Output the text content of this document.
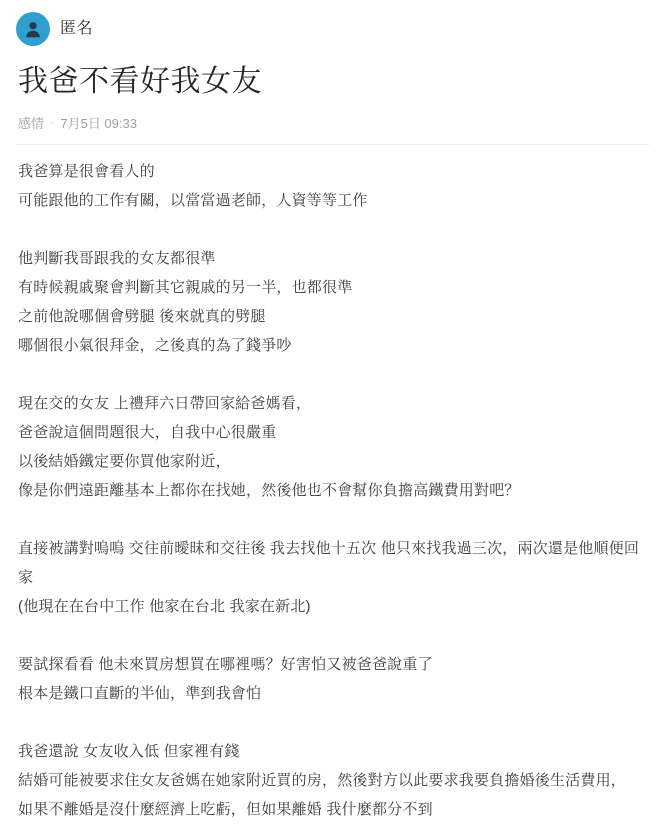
匿名
我爸不看好我女友
感情 · 7月5日 09:33

我爸算是很會看人的

可能跟他的工作有關，以當當過老師，人資等等工作

他判斷我哥跟我的女友都很準

有時候親戚聚會判斷其它親戚的另一半，也都很準

之前他說哪個會劈腿 後來就真的劈腿

哪個很小氣很拜金，之後真的為了錢爭吵

現在交的女友 上禮拜六日帶回家給爸媽看，

爸爸說這個問題很大，自我中心很嚴重

以後結婚鐵定要你買他家附近，

像是你們遠距離基本上都你在找她，然後他也不會幫你負擔高鐵費用對吧？

直接被講對嗚嗚 交往前曖昧和交往後 我去找他十五次 他只來找我過三次，兩次還是他順便回家

(他現在在台中工作 他家在台北 我家在新北)

要試探看看 他未來買房想買在哪裡嗎？好害怕又被爸爸說重了

根本是鐵口直斷的半仙，準到我會怕

我爸還說 女友收入低 但家裡有錢

結婚可能被要求住女友爸媽在她家附近買的房，然後對方以此要求我要負擔婚後生活費用，

如果不離婚是沒什麼經濟上吃虧，但如果離婚 我什麼都分不到
